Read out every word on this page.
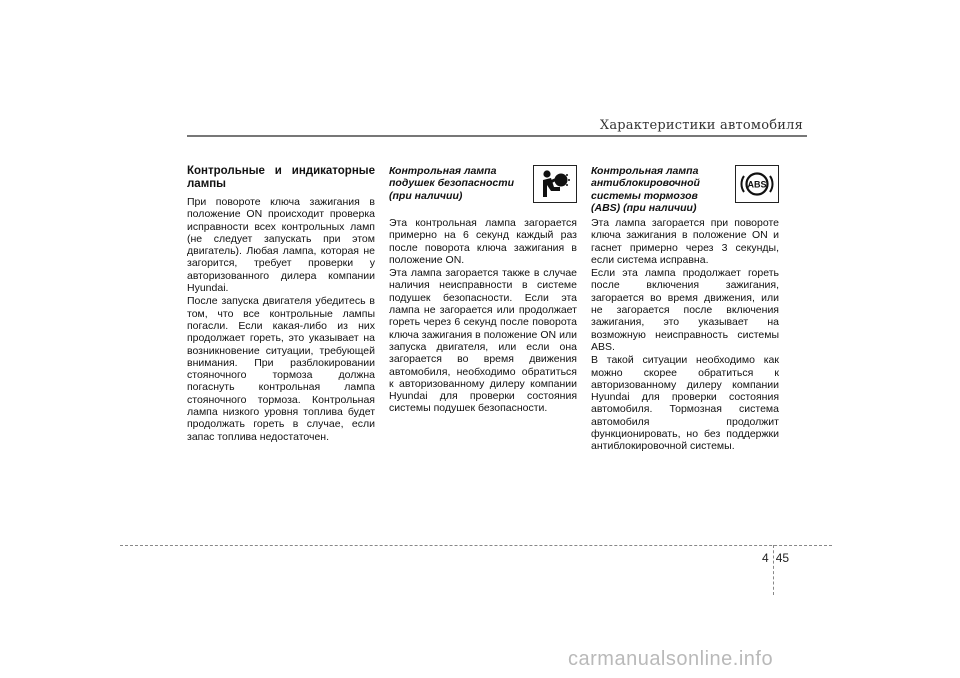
Характеристики автомобиля
Контрольные и индикаторные лампы

При повороте ключа зажигания в положение ON происходит проверка исправности всех контрольных ламп (не следует запускать при этом двигатель). Любая лампа, которая не загорится, требует проверки у авторизованного дилера компании Hyundai.

После запуска двигателя убедитесь в том, что все контрольные лампы погасли. Если какая-либо из них продолжает гореть, это указывает на возникновение ситуации, требующей внимания. При разблокировании стояночного тормоза должна погаснуть контрольная лампа стояночного тормоза. Контрольная лампа низкого уровня топлива будет продолжать гореть в случае, если запас топлива недостаточен.

Контрольная лампа
подушек безопасности
(при наличии)

Эта контрольная лампа загорается примерно на 6 секунд каждый раз после поворота ключа зажигания в положение ON.

Эта лампа загорается также в случае наличия неисправности в системе подушек безопасности. Если эта лампа не загорается или продолжает гореть через 6 секунд после поворота ключа зажигания в положение ON или запуска двигателя, или если она загорается во время движения автомобиля, необходимо обратиться к авторизованному дилеру компании Hyundai для проверки состояния системы подушек безопасности.

Контрольная лампа
антиблокировочной
системы тормозов
(ABS) (при наличии)
ABS

Эта лампа загорается при повороте ключа зажигания в положение ON и гаснет примерно через 3 секунды, если система исправна.

Если эта лампа продолжает гореть после включения зажигания, загорается во время движения, или не загорается после включения зажигания, это указывает на возможную неисправность системы ABS.

В такой ситуации необходимо как можно скорее обратиться к авторизованному дилеру компании Hyundai для проверки состояния автомобиля. Тормозная система автомобиля продолжит функционировать, но без поддержки антиблокировочной системы.

4 45
carmanualsonline.info
